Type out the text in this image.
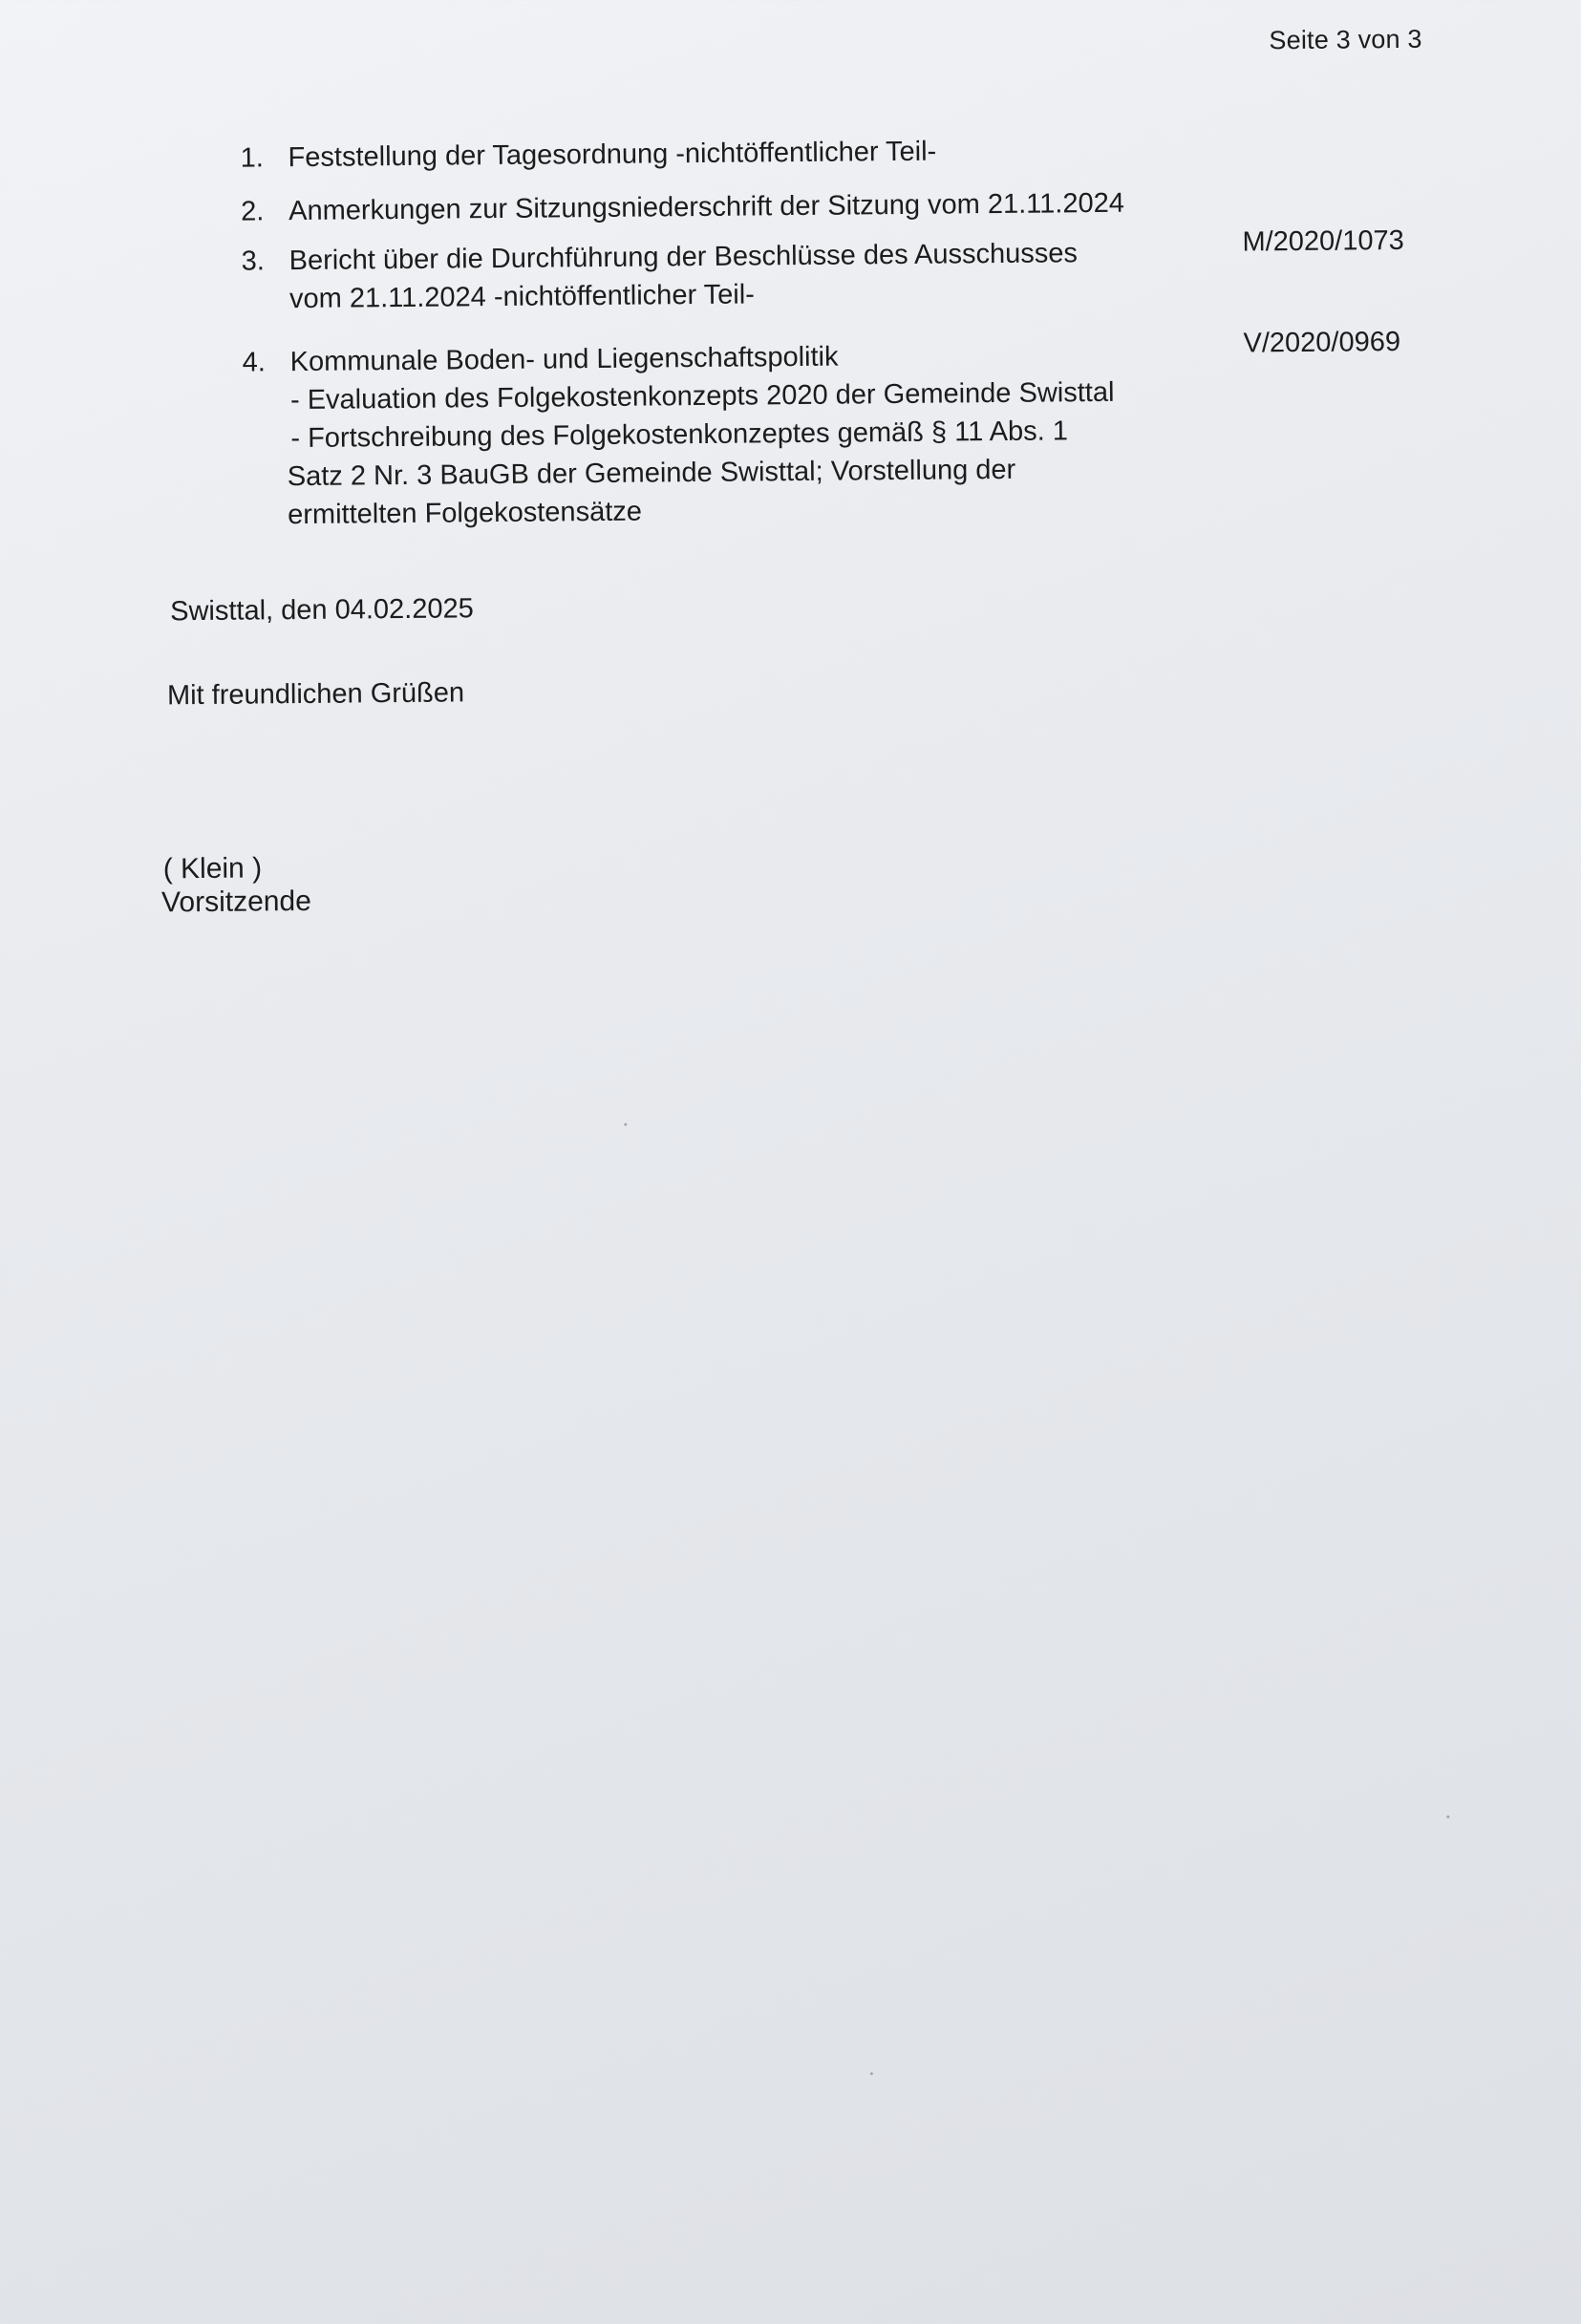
Seite 3 von 3
1. Feststellung der Tagesordnung -nichtöffentlicher Teil-
2. Anmerkungen zur Sitzungsniederschrift der Sitzung vom 21.11.2024
3. Bericht über die Durchführung der Beschlüsse des Ausschusses
vom 21.11.2024 -nichtöffentlicher Teil-
M/2020/1073
4. Kommunale Boden- und Liegenschaftspolitik
- Evaluation des Folgekostenkonzepts 2020 der Gemeinde Swisttal
- Fortschreibung des Folgekostenkonzeptes gemäß § 11 Abs. 1
Satz 2 Nr. 3 BauGB der Gemeinde Swisttal; Vorstellung der
ermittelten Folgekostensätze
V/2020/0969
Swisttal, den 04.02.2025
Mit freundlichen Grüßen
( Klein )
Vorsitzende
